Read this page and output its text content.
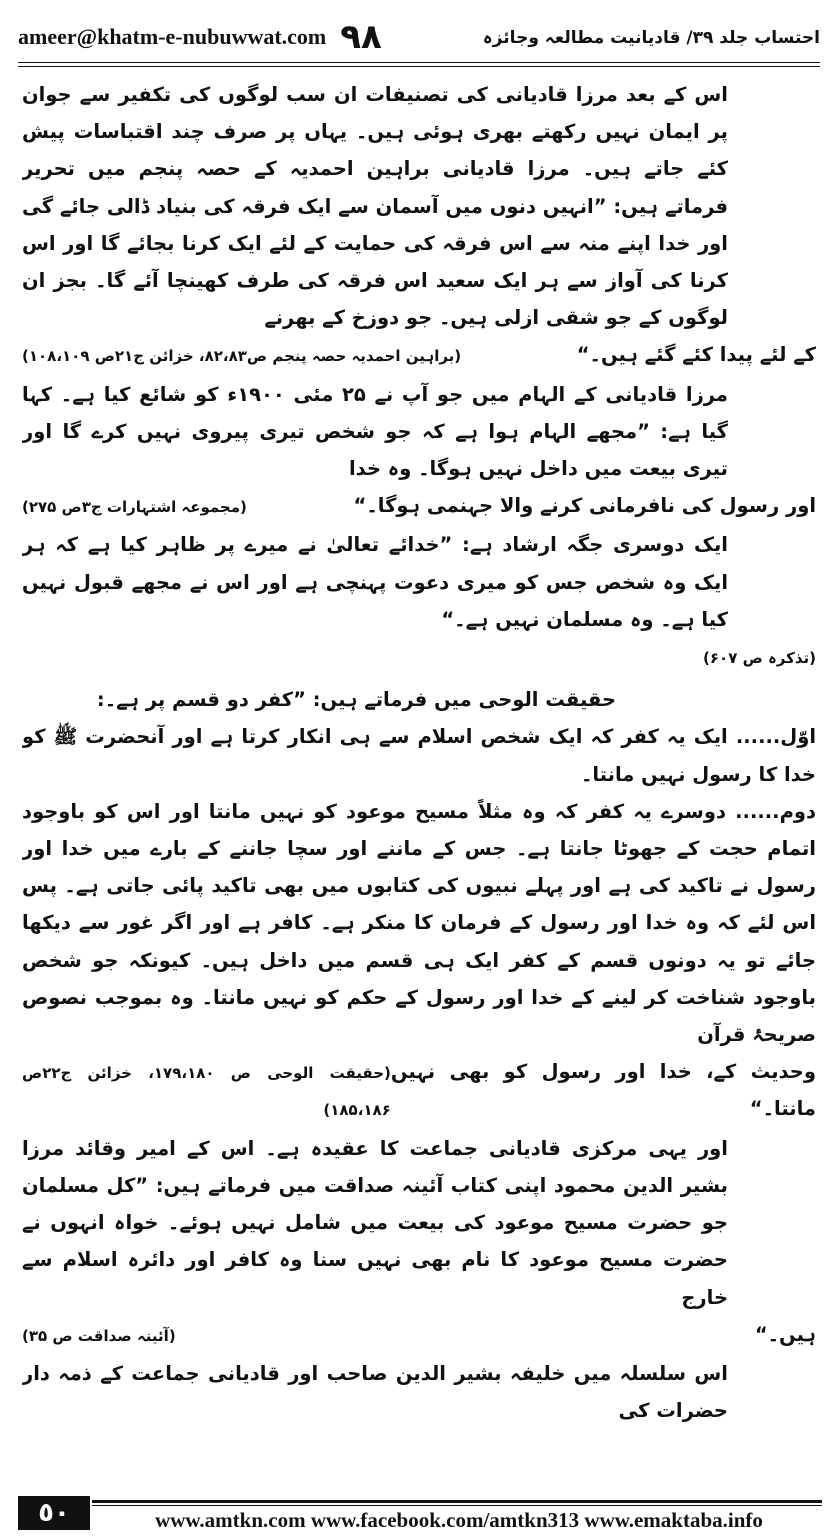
ameer@khatm-e-nubuwwat.com ٩٨	احتساب جلد ۳۹/ قادیانیت مطالعہ وجائزہ

اس کے بعد مرزا قادیانی کی تصنیفات ان سب لوگوں کی تکفیر سے جوان پر ایمان نہیں رکھتے بھری ہوئی ہیں۔ یہاں پر صرف چند اقتباسات پیش کئے جاتے ہیں۔ مرزا قادیانی براہین احمدیہ کے حصہ پنجم میں تحریر فرماتے ہیں: ”انہیں دنوں میں آسمان سے ایک فرقہ کی بنیاد ڈالی جائے گی اور خدا اپنے منہ سے اس فرقہ کی حمایت کے لئے ایک کرنا بجائے گا اور اس کرنا کی آواز سے ہر ایک سعید اس فرقہ کی طرف کھینچا آئے گا۔ بجز ان لوگوں کے جو شقی ازلی ہیں۔ جو دوزخ کے بھرنے

کے لئے پیدا کئے گئے ہیں۔“
(براہین احمدیہ حصہ پنجم ص۸۲،۸۳، خزائن ج۲۱ص ۱۰۸،۱۰۹)

مرزا قادیانی کے الہام میں جو آپ نے ۲۵ مئی ۱۹۰۰ء کو شائع کیا ہے۔ کہا گیا ہے: ”مجھے الہام ہوا ہے کہ جو شخص تیری پیروی نہیں کرے گا اور تیری بیعت میں داخل نہیں ہوگا۔ وہ خدا

اور رسول کی نافرمانی کرنے والا جہنمی ہوگا۔“
(مجموعہ اشتہارات ج۳ص ۲۷۵)

ایک دوسری جگہ ارشاد ہے: ”خدائے تعالیٰ نے میرے پر ظاہر کیا ہے کہ ہر ایک وہ شخص جس کو میری دعوت پہنچی ہے اور اس نے مجھے قبول نہیں کیا ہے۔ وہ مسلمان نہیں ہے۔“

(تذکرہ ص ۶۰۷)

حقیقت الوحی میں فرماتے ہیں: ”کفر دو قسم پر ہے۔:

اوّل...... ایک یہ کفر کہ ایک شخص اسلام سے ہی انکار کرتا ہے اور آنحضرت ﷺ کو خدا کا رسول نہیں مانتا۔

دوم...... دوسرے یہ کفر کہ وہ مثلاً مسیح موعود کو نہیں مانتا اور اس کو باوجود اتمام حجت کے جھوٹا جانتا ہے۔ جس کے ماننے اور سچا جاننے کے بارے میں خدا اور رسول نے تاکید کی ہے اور پہلے نبیوں کی کتابوں میں بھی تاکید پائی جاتی ہے۔ پس اس لئے کہ وہ خدا اور رسول کے فرمان کا منکر ہے۔ کافر ہے اور اگر غور سے دیکھا جائے تو یہ دونوں قسم کے کفر ایک ہی قسم میں داخل ہیں۔ کیونکہ جو شخص باوجود شناخت کر لینے کے خدا اور رسول کے حکم کو نہیں مانتا۔ وہ بموجب نصوص صریحۂ قرآن

وحدیث کے، خدا اور رسول کو بھی نہیں مانتا۔“
(حقیقت الوحی ص ۱۷۹،۱۸۰، خزائن ج۲۲ص ۱۸۵،۱۸۶)

اور یہی مرکزی قادیانی جماعت کا عقیدہ ہے۔ اس کے امیر وقائد مرزا بشیر الدین محمود اپنی کتاب آئینہ صداقت میں فرماتے ہیں: ”کل مسلمان جو حضرت مسیح موعود کی بیعت میں شامل نہیں ہوئے۔ خواہ انہوں نے حضرت مسیح موعود کا نام بھی نہیں سنا وہ کافر اور دائرہ اسلام سے خارج

ہیں۔“
(آئینہ صداقت ص ۳۵)

اس سلسلہ میں خلیفہ بشیر الدین صاحب اور قادیانی جماعت کے ذمہ دار حضرات کی

٥٠	www.amtkn.com www.facebook.com/amtkn313 www.emaktaba.info
